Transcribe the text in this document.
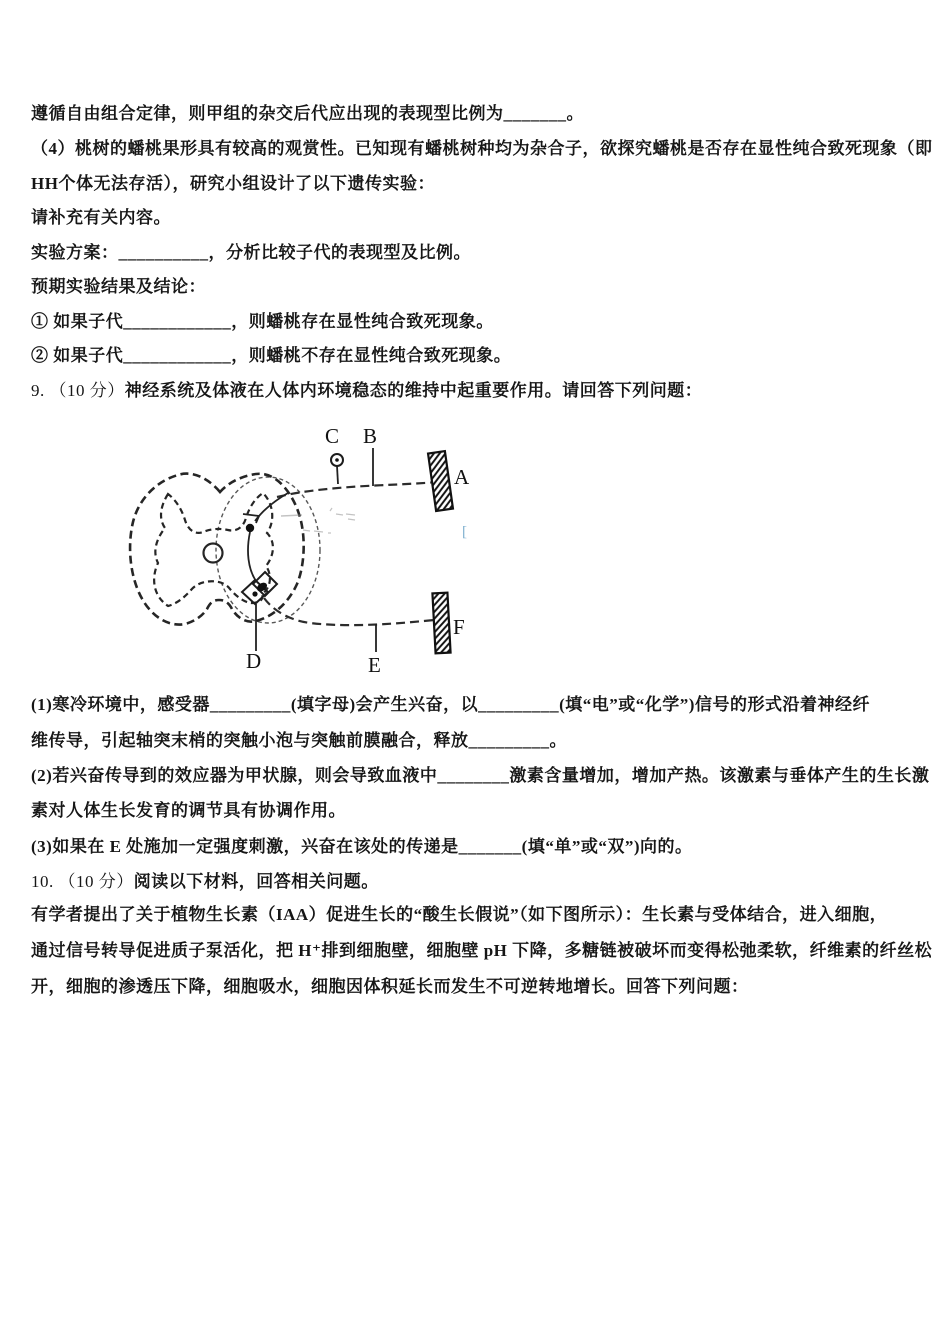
遵循自由组合定律，则甲组的杂交后代应出现的表现型比例为_______。
（4）桃树的蟠桃果形具有较高的观赏性。已知现有蟠桃树种均为杂合子，欲探究蟠桃是否存在显性纯合致死现象（即
HH个体无法存活），研究小组设计了以下遗传实验：
请补充有关内容。
实验方案：__________，分析比较子代的表现型及比例。
预期实验结果及结论：
① 如果子代____________，则蟠桃存在显性纯合致死现象。
② 如果子代____________，则蟠桃不存在显性纯合致死现象。
9. （10 分）神经系统及体液在人体内环境稳态的维持中起重要作用。请回答下列问题：
(1)寒冷环境中，感受器_________(填字母)会产生兴奋，以_________(填“电”或“化学”)信号的形式沿着神经纤
维传导，引起轴突末梢的突触小泡与突触前膜融合，释放_________。
(2)若兴奋传导到的效应器为甲状腺，则会导致血液中________激素含量增加，增加产热。该激素与垂体产生的生长激
素对人体生长发育的调节具有协调作用。
(3)如果在 E 处施加一定强度刺激，兴奋在该处的传递是_______(填“单”或“双”)向的。
10. （10 分）阅读以下材料，回答相关问题。
有学者提出了关于植物生长素（IAA）促进生长的“酸生长假说”（如下图所示）：生长素与受体结合，进入细胞，
通过信号转导促进质子泵活化，把 H⁺排到细胞壁，细胞壁 pH 下降，多糖链被破坏而变得松弛柔软，纤维素的纤丝松
开，细胞的渗透压下降，细胞吸水，细胞因体积延长而发生不可逆转地增长。回答下列问题：
A
B
C
D	E
F
[
